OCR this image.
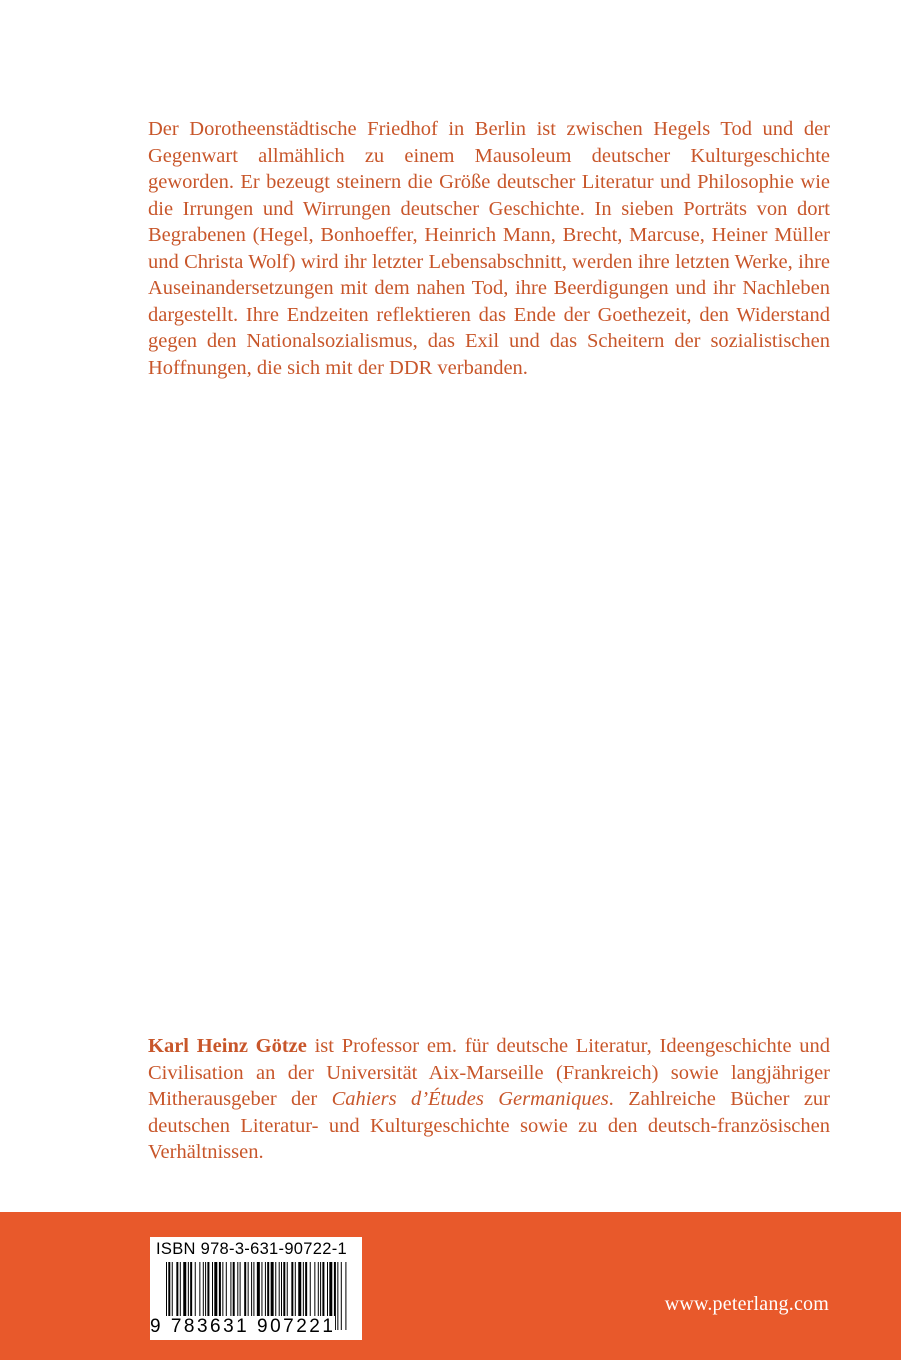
Der Dorotheenstädtische Friedhof in Berlin ist zwischen Hegels Tod und der Gegenwart allmählich zu einem Mausoleum deutscher Kulturgeschichte geworden. Er bezeugt steinern die Größe deutscher Literatur und Philosophie wie die Irrungen und Wirrungen deutscher Geschichte. In sieben Porträts von dort Begrabenen (Hegel, Bonhoeffer, Heinrich Mann, Brecht, Marcuse, Heiner Müller und Christa Wolf) wird ihr letzter Lebensabschnitt, werden ihre letzten Werke, ihre Auseinandersetzungen mit dem nahen Tod, ihre Beerdigungen und ihr Nachleben dargestellt. Ihre Endzeiten reflektieren das Ende der Goethezeit, den Widerstand gegen den Nationalsozialismus, das Exil und das Scheitern der sozialistischen Hoffnungen, die sich mit der DDR verbanden.

Karl Heinz Götze ist Professor em. für deutsche Literatur, Ideengeschichte und Civilisation an der Universität Aix-Marseille (Frankreich) sowie langjähriger Mitherausgeber der Cahiers d’Études Germaniques. Zahlreiche Bücher zur deutschen Literatur- und Kulturgeschichte sowie zu den deutsch-französischen Verhältnissen.

ISBN 978-3-631-90722-1
9 783631 907221
www.peterlang.com
